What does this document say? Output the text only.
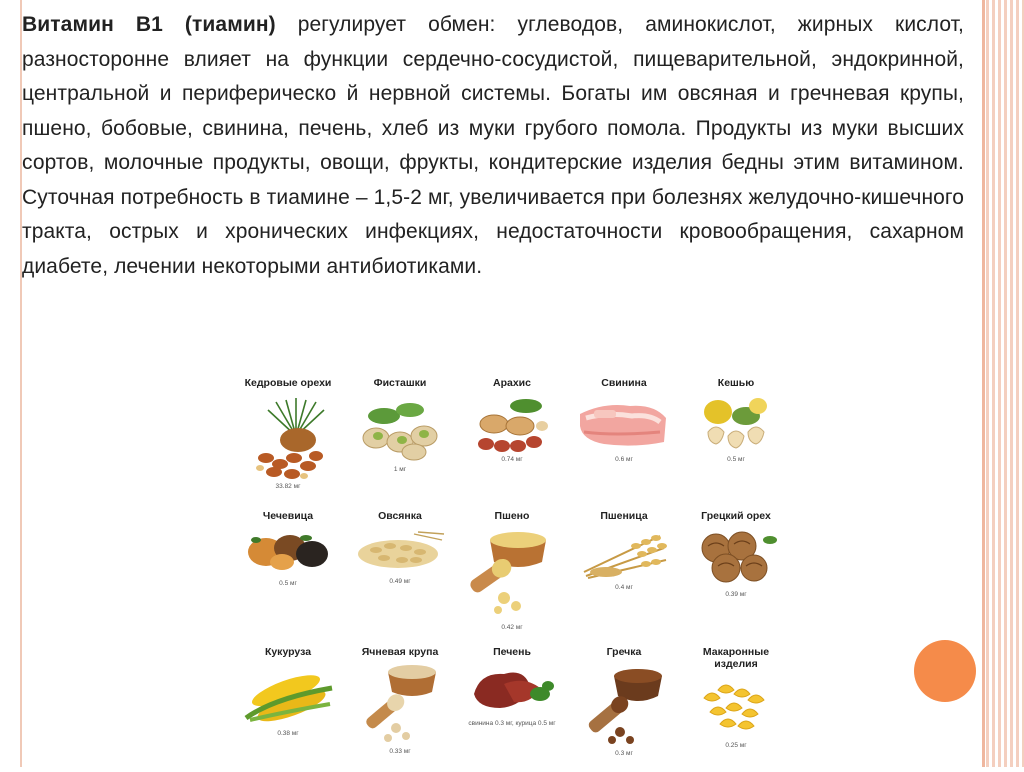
Витамин В1 (тиамин) регулирует обмен: углеводов, аминокислот, жирных кислот, разносторонне влияет на функции сердечно-сосудистой, пищеварительной, эндокринной, центральной и периферическо й нервной системы. Богаты им овсяная и гречневая крупы, пшено, бобовые, свинина, печень, хлеб из муки грубого помола. Продукты из муки высших сортов, молочные продукты, овощи, фрукты, кондитерские изделия бедны этим витамином. Суточная потребность в тиамине – 1,5-2 мг, увеличивается при болезнях желудочно-кишечного тракта, острых и хронических инфекциях, недостаточности кровообращения, сахарном диабете, лечении некоторыми антибиотиками.
Кедровые орехи
33.82 мг
Фисташки
1 мг
Арахис
0.74 мг
Свинина
0.6 мг
Кешью
0.5 мг
Чечевица
0.5 мг
Овсянка
0.49 мг
Пшено
0.42 мг
Пшеница
0.4 мг
Грецкий орех
0.39 мг
Кукуруза
0.38 мг
Ячневая крупа
0.33 мг
Печень
свинина 0.3 мг, курица 0.5 мг
Гречка
0.3 мг
Макаронные изделия
0.25 мг
